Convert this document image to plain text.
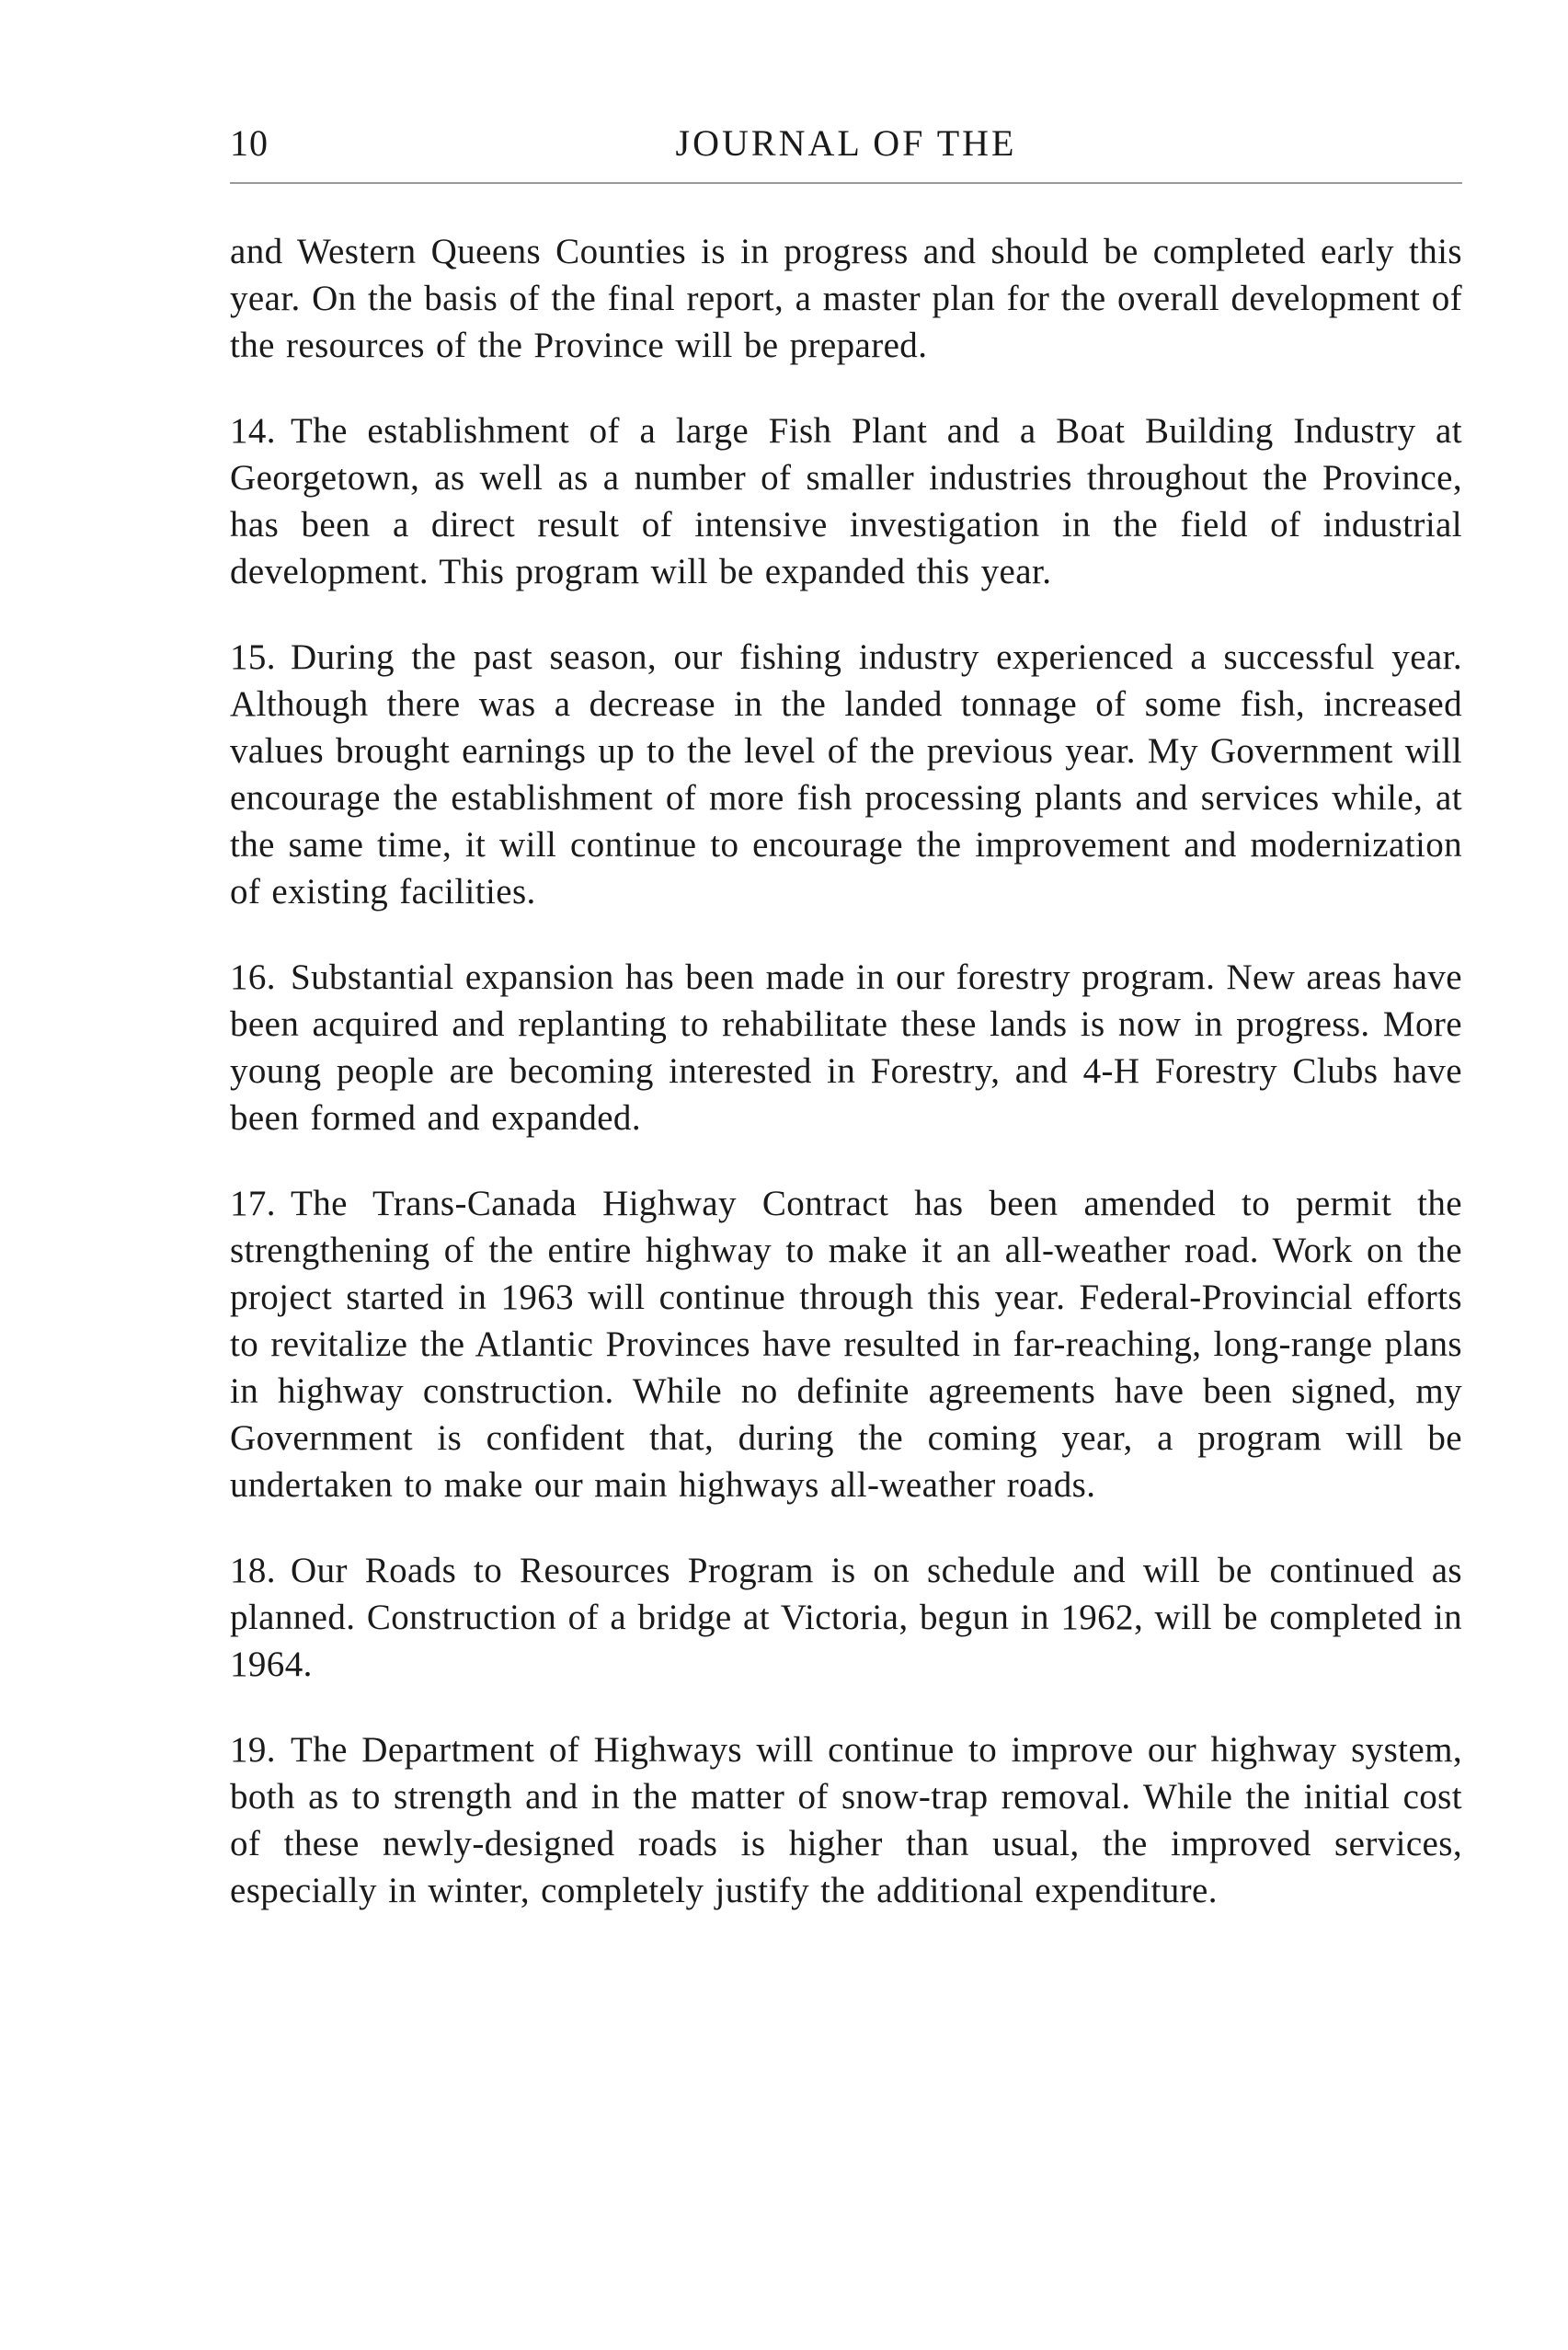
10	JOURNAL OF THE

and Western Queens Counties is in progress and should be completed early this year. On the basis of the final report, a master plan for the overall development of the resources of the Province will be prepared.

14. The establishment of a large Fish Plant and a Boat Building Industry at Georgetown, as well as a number of smaller industries throughout the Province, has been a direct result of intensive investigation in the field of industrial development. This program will be expanded this year.

15. During the past season, our fishing industry experienced a successful year. Although there was a decrease in the landed tonnage of some fish, increased values brought earnings up to the level of the previous year. My Government will encourage the establishment of more fish processing plants and services while, at the same time, it will continue to encourage the improvement and modernization of existing facilities.

16. Substantial expansion has been made in our forestry program. New areas have been acquired and replanting to rehabilitate these lands is now in progress. More young people are becoming interested in Forestry, and 4-H Forestry Clubs have been formed and expanded.

17. The Trans-Canada Highway Contract has been amended to permit the strengthening of the entire highway to make it an all-weather road. Work on the project started in 1963 will continue through this year. Federal-Provincial efforts to revitalize the Atlantic Provinces have resulted in far-reaching, long-range plans in highway construction. While no definite agreements have been signed, my Government is confident that, during the coming year, a program will be undertaken to make our main highways all-weather roads.

18. Our Roads to Resources Program is on schedule and will be continued as planned. Construction of a bridge at Victoria, begun in 1962, will be completed in 1964.

19. The Department of Highways will continue to improve our highway system, both as to strength and in the matter of snow-trap removal. While the initial cost of these newly-designed roads is higher than usual, the improved services, especially in winter, completely justify the additional expenditure.
